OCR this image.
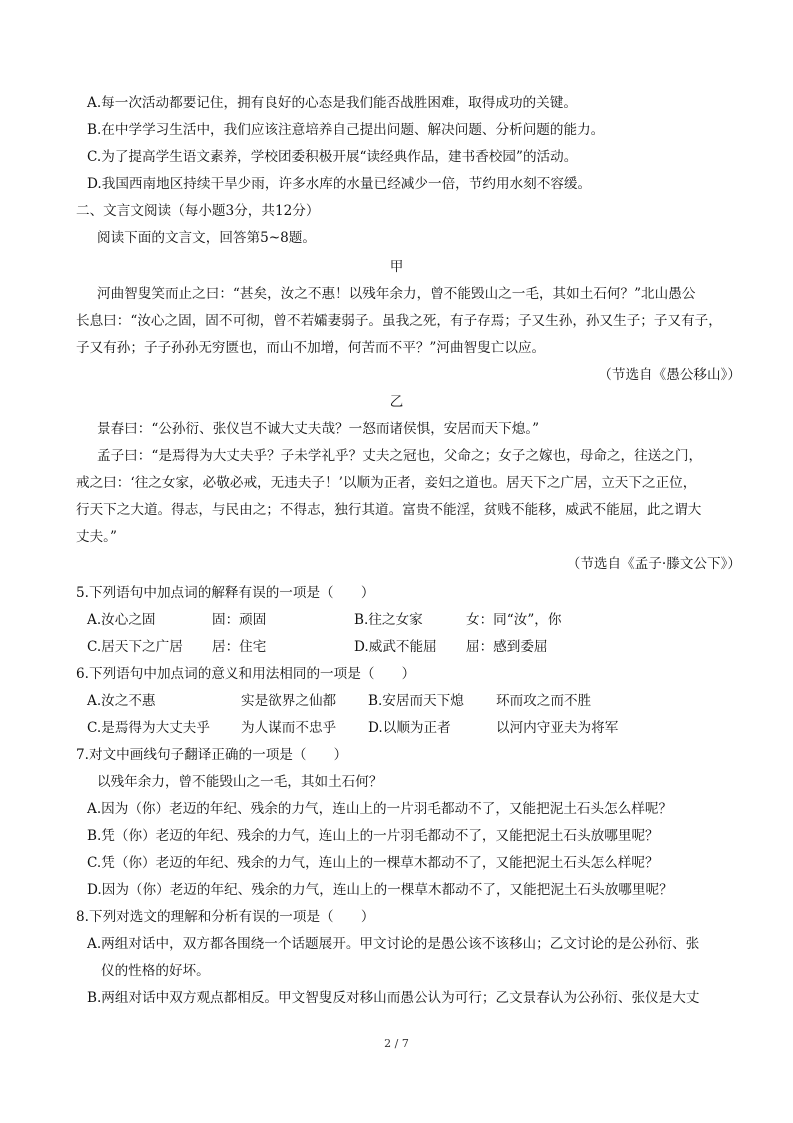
A.每一次活动都要记住，拥有良好的心态是我们能否战胜困难，取得成功的关键。
B.在中学学习生活中，我们应该注意培养自己提出问题、解决问题、分析问题的能力。
C.为了提高学生语文素养，学校团委积极开展“读经典作品，建书香校园”的活动。
D.我国西南地区持续干旱少雨，许多水库的水量已经减少一倍，节约用水刻不容缓。
二、文言文阅读（每小题3分，共12分）
阅读下面的文言文，回答第5~8题。
甲
河曲智叟笑而止之曰：“甚矣，汝之不惠！以残年余力，曾不能毁山之一毛，其如土石何？”北山愚公
长息曰：“汝心之固，固不可彻，曾不若孀妻弱子。虽我之死，有子存焉；子又生孙，孙又生子；子又有子，
子又有孙；子子孙孙无穷匮也，而山不加增，何苦而不平？”河曲智叟亡以应。
（节选自《愚公移山》）
乙
景春曰：“公孙衍、张仪岂不诚大丈夫哉？一怒而诸侯惧，安居而天下熄。”
孟子曰：“是焉得为大丈夫乎？子未学礼乎？丈夫之冠也，父命之；女子之嫁也，母命之，往送之门，
戒之曰：‘往之女家，必敬必戒，无违夫子！’以顺为正者，妾妇之道也。居天下之广居，立天下之正位，
行天下之大道。得志，与民由之；不得志，独行其道。富贵不能淫，贫贱不能移，威武不能屈，此之谓大
丈夫。”
（节选自《孟子·滕文公下》）
5.下列语句中加点词的解释有误的一项是（　　）
A.汝心之固	固：顽固	B.往之女家	女：同“汝”，你
C.居天下之广居 居：住宅	D.威武不能屈 屈：感到委屈
6.下列语句中加点词的意义和用法相同的一项是（　　）
A.汝之不惠	实是欲界之仙都 B.安居而天下熄 环而攻之而不胜
C.是焉得为大丈夫乎 为人谋而不忠乎 D.以顺为正者	以河内守亚夫为将军
7.对文中画线句子翻译正确的一项是（　　）
以残年余力，曾不能毁山之一毛，其如土石何？
A.因为（你）老迈的年纪、残余的力气，连山上的一片羽毛都动不了，又能把泥土石头怎么样呢？
B.凭（你）老迈的年纪、残余的力气，连山上的一片羽毛都动不了，又能把泥土石头放哪里呢？
C.凭（你）老迈的年纪、残余的力气，连山上的一棵草木都动不了，又能把泥土石头怎么样呢？
D.因为（你）老迈的年纪、残余的力气，连山上的一棵草木都动不了，又能把泥土石头放哪里呢？
8.下列对选文的理解和分析有误的一项是（　　）
A.两组对话中，双方都各围绕一个话题展开。甲文讨论的是愚公该不该移山；乙文讨论的是公孙衍、张
仪的性格的好坏。
B.两组对话中双方观点都相反。甲文智叟反对移山而愚公认为可行；乙文景春认为公孙衍、张仪是大丈
2 / 7
